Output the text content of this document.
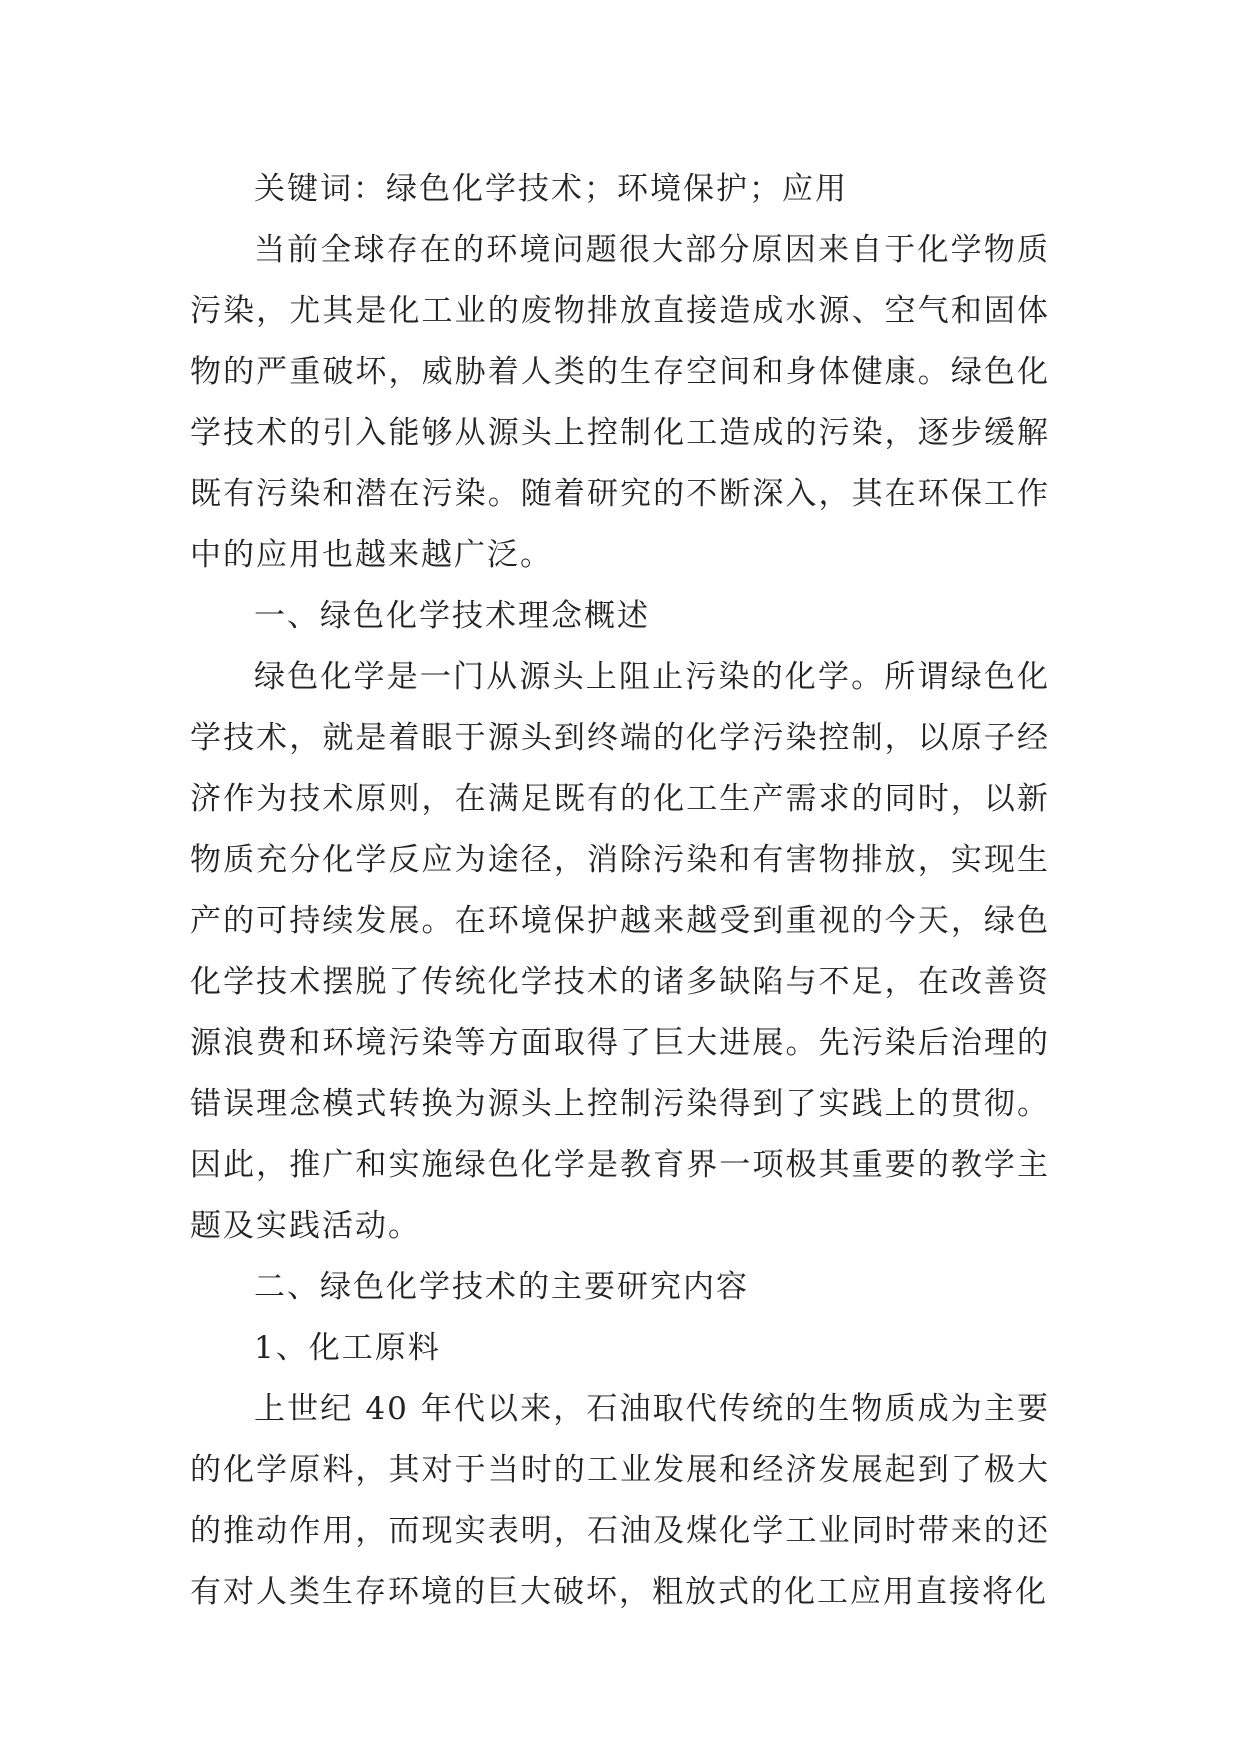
关键词：绿色化学技术；环境保护；应用

当前全球存在的环境问题很大部分原因来自于化学物质污染，尤其是化工业的废物排放直接造成水源、空气和固体物的严重破坏，威胁着人类的生存空间和身体健康。绿色化学技术的引入能够从源头上控制化工造成的污染，逐步缓解既有污染和潜在污染。随着研究的不断深入，其在环保工作中的应用也越来越广泛。

一、绿色化学技术理念概述

绿色化学是一门从源头上阻止污染的化学。所谓绿色化学技术，就是着眼于源头到终端的化学污染控制，以原子经济作为技术原则，在满足既有的化工生产需求的同时，以新物质充分化学反应为途径，消除污染和有害物排放，实现生产的可持续发展。在环境保护越来越受到重视的今天，绿色化学技术摆脱了传统化学技术的诸多缺陷与不足，在改善资源浪费和环境污染等方面取得了巨大进展。先污染后治理的错误理念模式转换为源头上控制污染得到了实践上的贯彻。因此，推广和实施绿色化学是教育界一项极其重要的教学主题及实践活动。

二、绿色化学技术的主要研究内容

1、化工原料

上世纪 40 年代以来，石油取代传统的生物质成为主要的化学原料，其对于当时的工业发展和经济发展起到了极大的推动作用，而现实表明，石油及煤化学工业同时带来的还有对人类生存环境的巨大破坏，粗放式的化工应用直接将化
